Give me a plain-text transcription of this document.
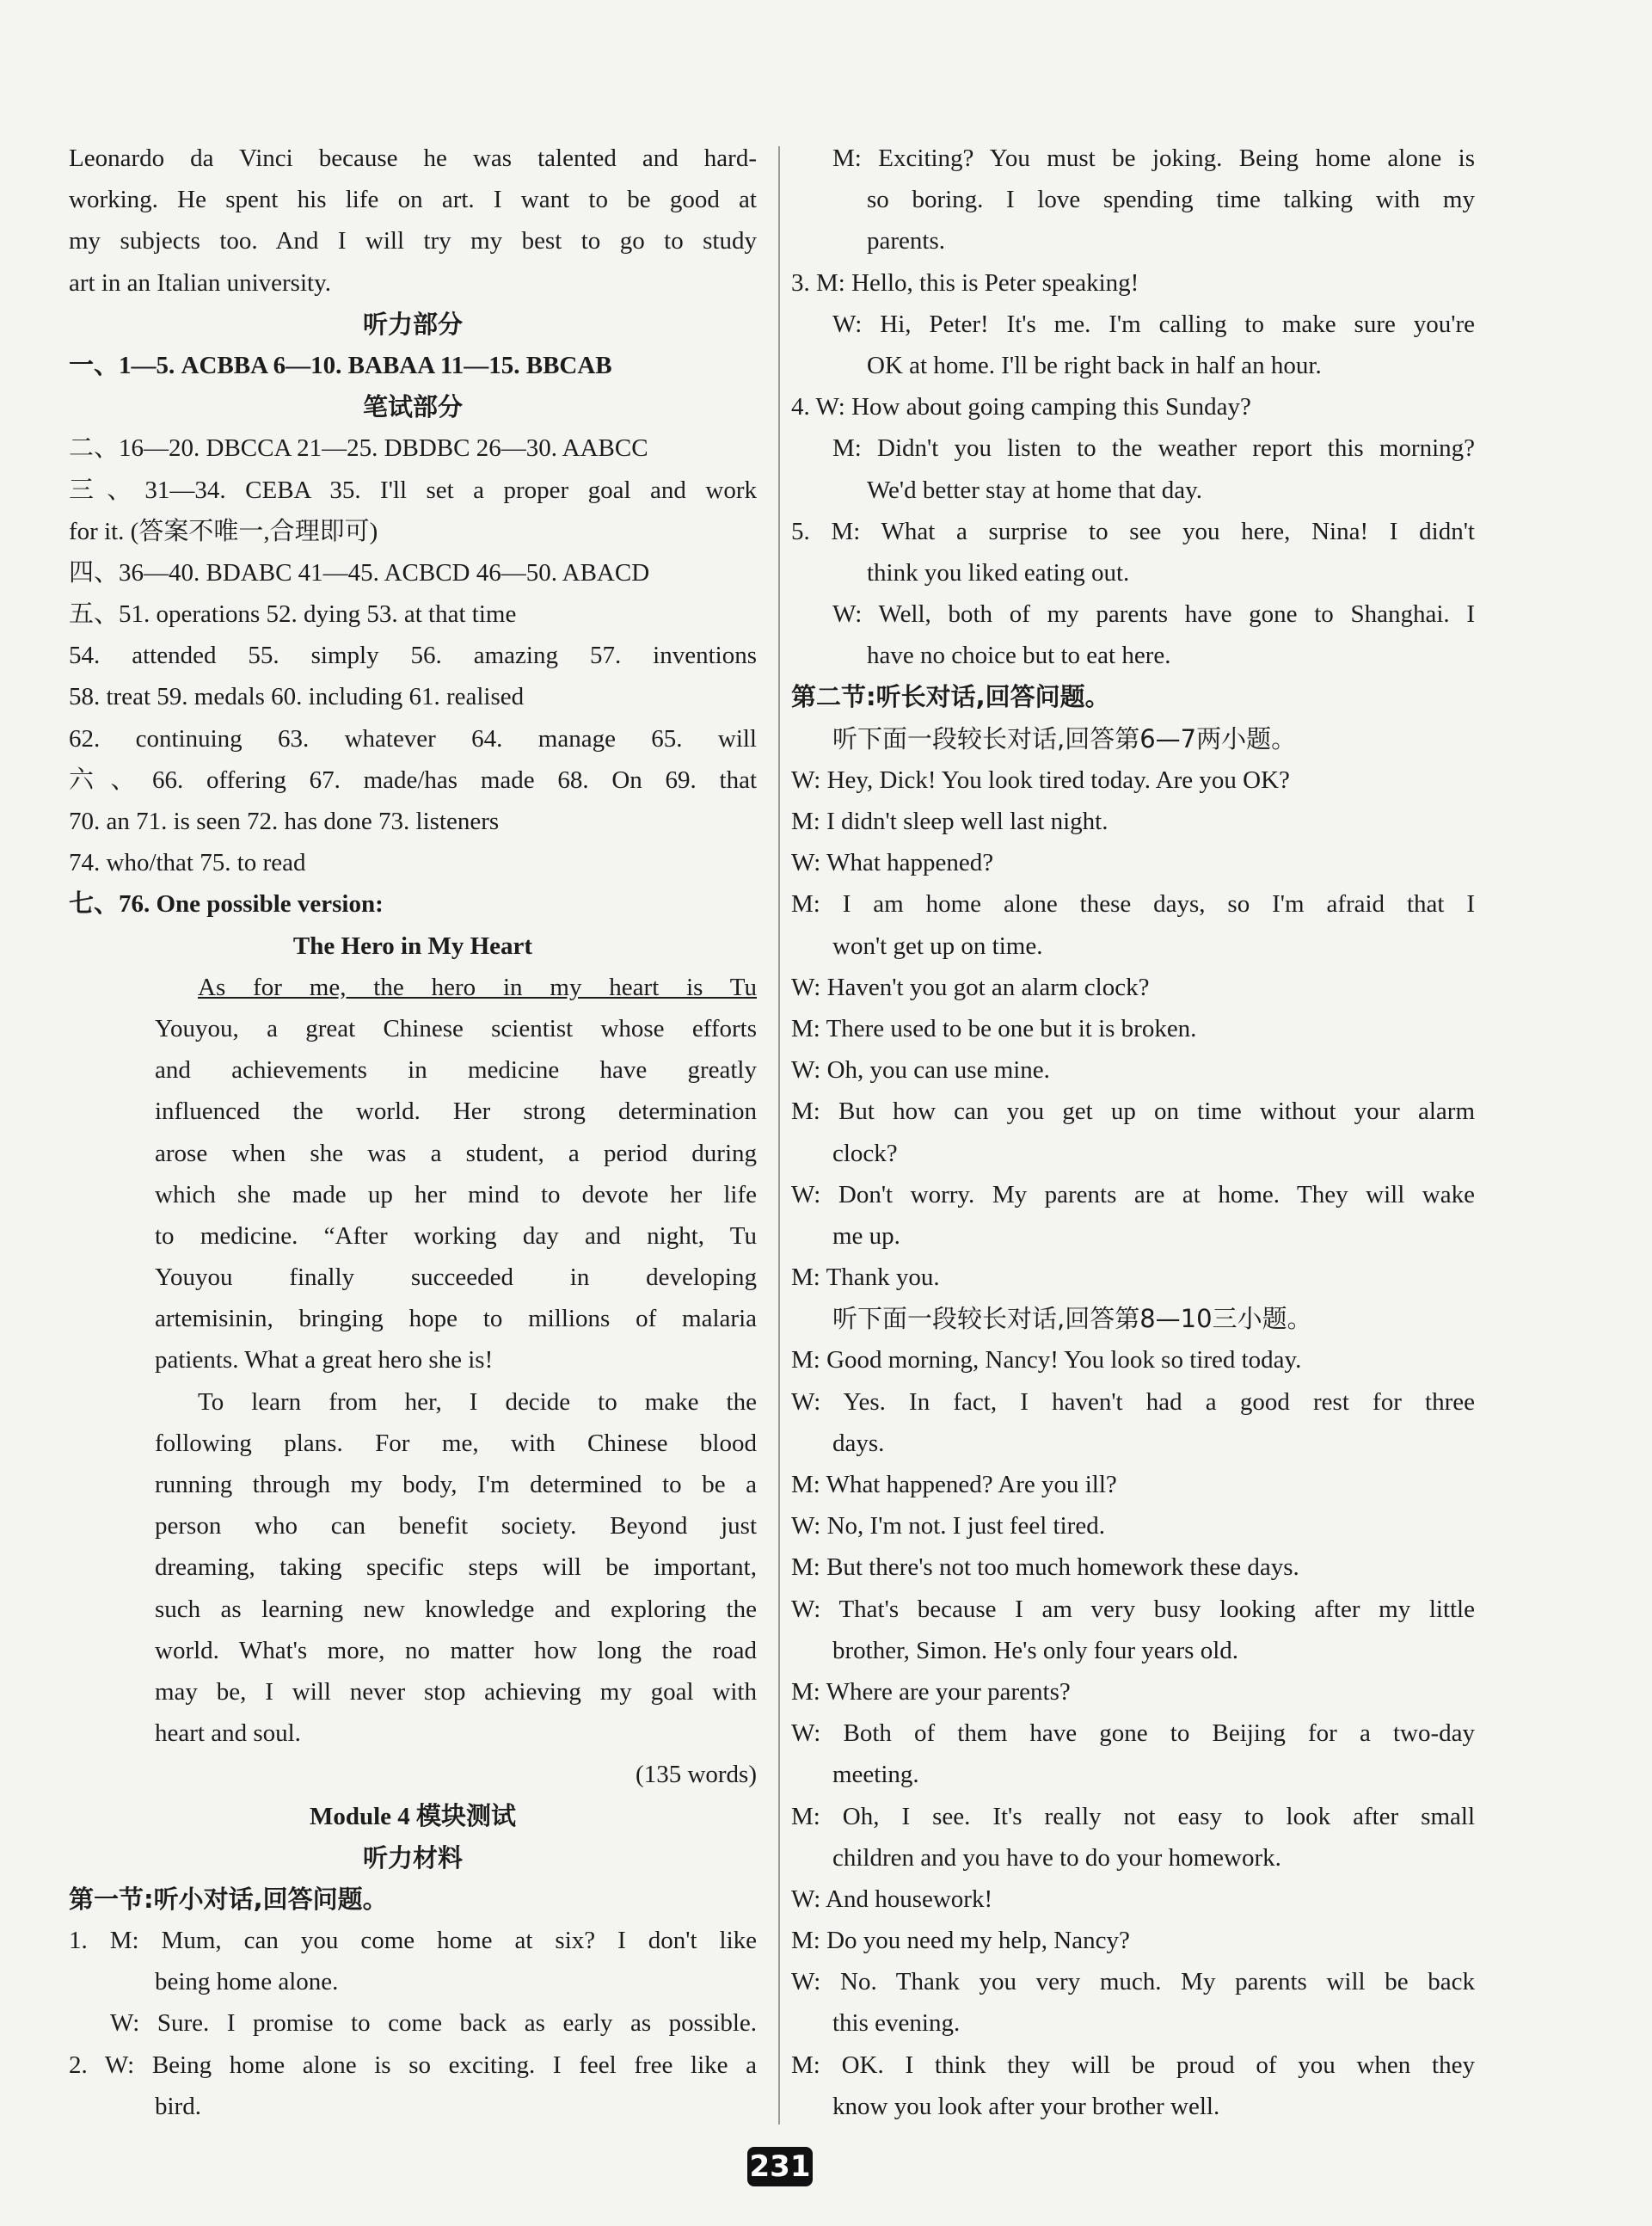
Leonardo da Vinci because he was talented and hard-
working. He spent his life on art. I want to be good at
my subjects too. And I will try my best to go to study
art in an Italian university.
听力部分
一、1—5. ACBBA 6—10. BABAA 11—15. BBCAB
笔试部分
二、16—20. DBCCA 21—25. DBDBC 26—30. AABCC
三、31—34. CEBA 35. I'll set a proper goal and work
for it. (答案不唯一,合理即可)
四、36—40. BDABC 41—45. ACBCD 46—50. ABACD
五、51. operations 52. dying 53. at that time
54. attended 55. simply 56. amazing 57. inventions
58. treat 59. medals 60. including 61. realised
62. continuing 63. whatever 64. manage 65. will
六、66. offering 67. made/has made 68. On 69. that
70. an 71. is seen 72. has done 73. listeners
74. who/that 75. to read
七、76. One possible version:
The Hero in My Heart
As for me, the hero in my heart is Tu
Youyou, a great Chinese scientist whose efforts
and achievements in medicine have greatly
influenced the world. Her strong determination
arose when she was a student, a period during
which she made up her mind to devote her life
to medicine. “After working day and night, Tu
Youyou finally succeeded in developing
artemisinin, bringing hope to millions of malaria
patients. What a great hero she is!
To learn from her, I decide to make the
following plans. For me, with Chinese blood
running through my body, I'm determined to be a
person who can benefit society. Beyond just
dreaming, taking specific steps will be important,
such as learning new knowledge and exploring the
world. What's more, no matter how long the road
may be, I will never stop achieving my goal with
heart and soul.
(135 words)
Module 4 模块测试
听力材料
第一节:听小对话,回答问题。
1. M: Mum, can you come home at six? I don't like
being home alone.
W: Sure. I promise to come back as early as possible.
2. W: Being home alone is so exciting. I feel free like a
bird.
M: Exciting? You must be joking. Being home alone is
so boring. I love spending time talking with my
parents.
3. M: Hello, this is Peter speaking!
W: Hi, Peter! It's me. I'm calling to make sure you're
OK at home. I'll be right back in half an hour.
4. W: How about going camping this Sunday?
M: Didn't you listen to the weather report this morning?
We'd better stay at home that day.
5. M: What a surprise to see you here, Nina! I didn't
think you liked eating out.
W: Well, both of my parents have gone to Shanghai. I
have no choice but to eat here.
第二节:听长对话,回答问题。
听下面一段较长对话,回答第6—7两小题。
W: Hey, Dick! You look tired today. Are you OK?
M: I didn't sleep well last night.
W: What happened?
M: I am home alone these days, so I'm afraid that I
won't get up on time.
W: Haven't you got an alarm clock?
M: There used to be one but it is broken.
W: Oh, you can use mine.
M: But how can you get up on time without your alarm
clock?
W: Don't worry. My parents are at home. They will wake
me up.
M: Thank you.
听下面一段较长对话,回答第8—10三小题。
M: Good morning, Nancy! You look so tired today.
W: Yes. In fact, I haven't had a good rest for three
days.
M: What happened? Are you ill?
W: No, I'm not. I just feel tired.
M: But there's not too much homework these days.
W: That's because I am very busy looking after my little
brother, Simon. He's only four years old.
M: Where are your parents?
W: Both of them have gone to Beijing for a two-day
meeting.
M: Oh, I see. It's really not easy to look after small
children and you have to do your homework.
W: And housework!
M: Do you need my help, Nancy?
W: No. Thank you very much. My parents will be back
this evening.
M: OK. I think they will be proud of you when they
know you look after your brother well.
231
